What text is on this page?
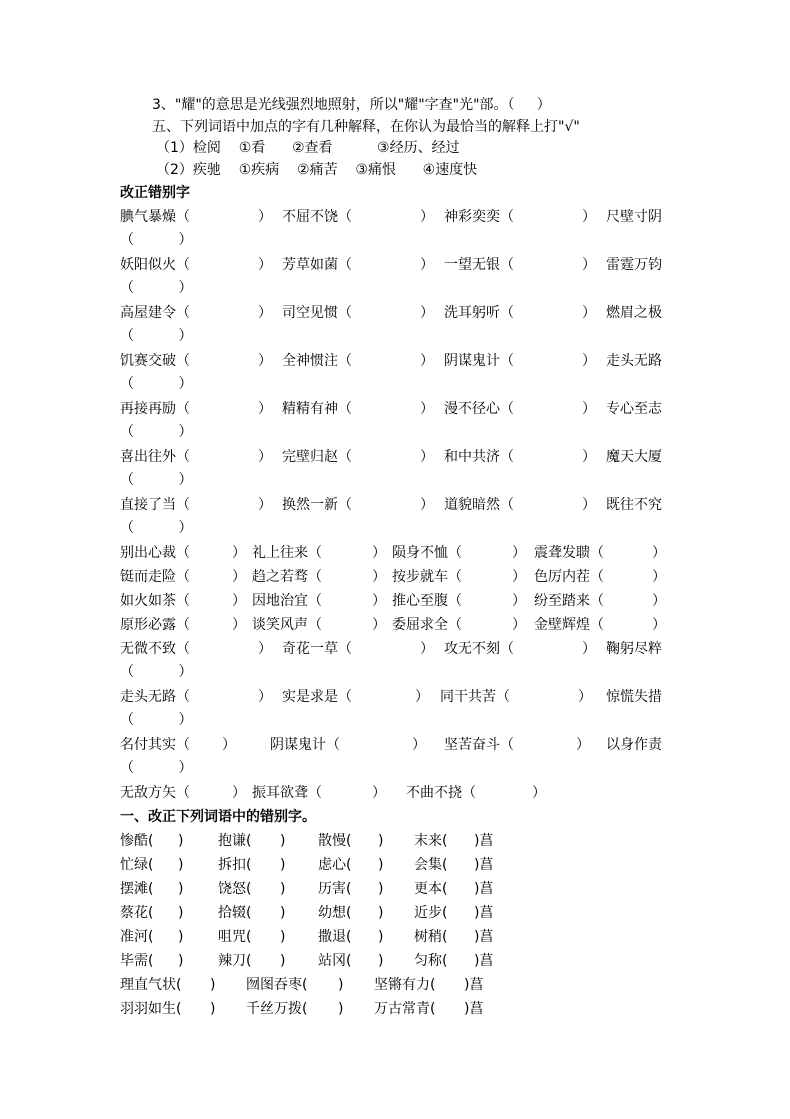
3、"耀"的意思是光线强烈地照射，所以"耀"字查"光"部。（     ）
五、下列词语中加点的字有几种解释，在你认为最恰当的解释上打"√"
（1）检阅    ①看      ②查看          ③经历、经过
（2）疾驰    ①疾病    ②痛苦    ③痛恨      ④速度快
改正错别字
腆气暴燥（	） 不屈不饶（	） 神彩奕奕（	） 尺壁寸阴
（          ）
妖阳似火（	） 芳草如菌（	） 一望无银（	） 雷霆万钧
（          ）
高屋建令（	） 司空见惯（	） 洗耳躬听（	） 燃眉之极
（          ）
饥赛交破（	） 全神惯注（	） 阴谋鬼计（	） 走头无路
（          ）
再接再励（	） 精精有神（	） 漫不径心（	） 专心至志
（          ）
喜出往外（	） 完壁归赵（	） 和中共济（	） 魔天大厦
（          ）
直接了当（	） 换然一新（	） 道貌暗然（	） 既往不究
（          ）
别出心裁（	） 礼上往来（	） 陨身不恤（	） 震聋发聩（	）
铤而走险（	） 趋之若骛（	） 按步就车（	） 色厉内茬（	）
如火如茶（	） 因地治宜（	） 推心至腹（	） 纷至踏来（	）
原形必露（	） 谈笑风声（	） 委屈求全（	） 金壁辉煌（	）
无微不致（	） 奇花一草（	） 攻无不刻（	） 鞠躬尽粹
（          ）
走头无路（	） 实是求是（	） 同干共苦（	） 惊慌失措
（          ）
名付其实（ ） 阴谋鬼计（	） 坚苦奋斗（	） 以身作责
（          ）
无敌方矢（	） 振耳欲聋（	） 不曲不挠（	）
一、改正下列词语中的错别字。
惨酷( ) 抱谦( ) 散慢( ) 末来( )菖
忙绿( ) 拆扣( ) 虑心( ) 会集( )菖
摆滩( ) 饶怒( ) 历害( ) 更本( )菖
蔡花( ) 拾辍( ) 幼想( ) 近步( )菖
准河( ) 咀咒( ) 撒退( ) 树稍( )菖
毕需( ) 辣刀( ) 站冈( ) 匀称( )菖
理直气状( ) 囫图吞枣( ) 坚锵有力( )菖
羽羽如生( ) 千丝万拨( ) 万古常青( )菖
